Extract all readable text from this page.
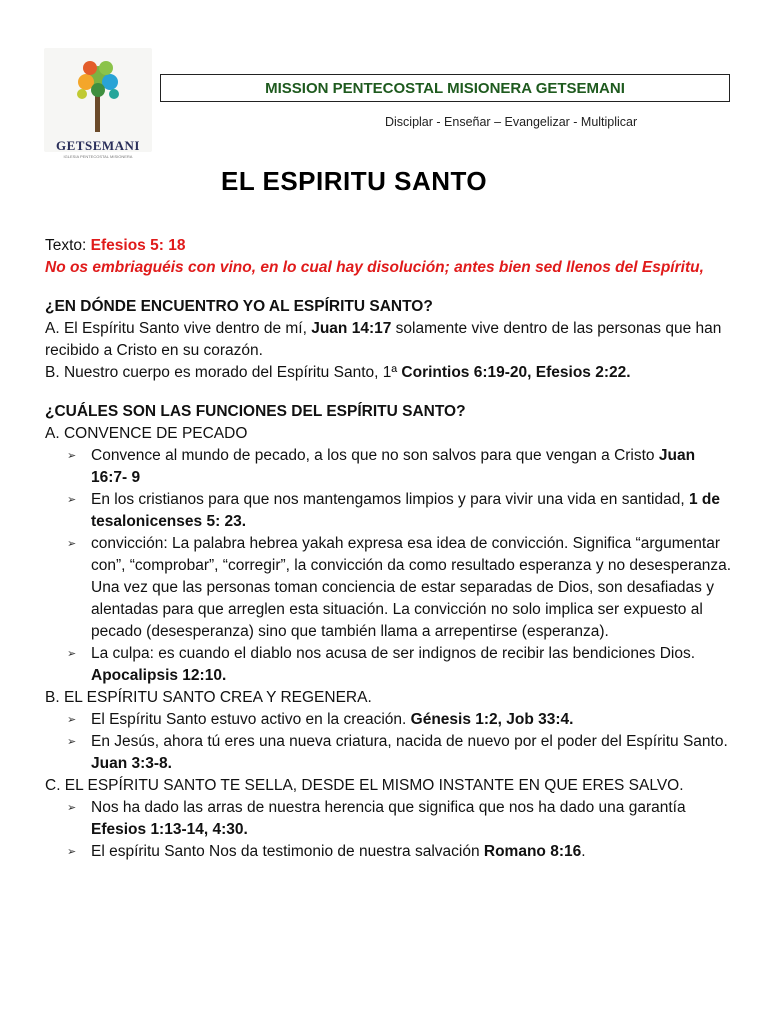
GETSEMANI
IGLESIA PENTECOSTAL MISIONERA
MISSION PENTECOSTAL MISIONERA GETSEMANI
Disciplar - Enseñar – Evangelizar - Multiplicar
EL ESPIRITU SANTO

Texto: Efesios 5: 18

No os embriaguéis con vino, en lo cual hay disolución; antes bien sed llenos del Espíritu,

¿EN DÓNDE ENCUENTRO YO AL ESPÍRITU SANTO?

A. El Espíritu Santo vive dentro de mí, Juan 14:17 solamente vive dentro de las personas que han recibido a Cristo en su corazón.

B. Nuestro cuerpo es morado del Espíritu Santo, 1ª Corintios 6:19-20, Efesios 2:22.

¿CUÁLES SON LAS FUNCIONES DEL ESPÍRITU SANTO?

A. CONVENCE DE PECADO

➢ Convence al mundo de pecado, a los que no son salvos para que vengan a Cristo Juan 16:7- 9

➢ En los cristianos para que nos mantengamos limpios y para vivir una vida en santidad, 1 de tesalonicenses 5: 23.

➢ convicción: La palabra hebrea yakah expresa esa idea de convicción. Significa “argumentar con”, “comprobar”, “corregir”, la convicción da como resultado esperanza y no desesperanza. Una vez que las personas toman conciencia de estar separadas de Dios, son desafiadas y alentadas para que arreglen esta situación. La convicción no solo implica ser expuesto al pecado (desesperanza) sino que también llama a arrepentirse (esperanza).

➢ La culpa: es cuando el diablo nos acusa de ser indignos de recibir las bendiciones Dios. Apocalipsis 12:10.

B. EL ESPÍRITU SANTO CREA Y REGENERA.

➢ El Espíritu Santo estuvo activo en la creación. Génesis 1:2, Job 33:4.

➢ En Jesús, ahora tú eres una nueva criatura, nacida de nuevo por el poder del Espíritu Santo. Juan 3:3-8.

C. EL ESPÍRITU SANTO TE SELLA, DESDE EL MISMO INSTANTE EN QUE ERES SALVO.

➢ Nos ha dado las arras de nuestra herencia que significa que nos ha dado una garantía Efesios 1:13-14, 4:30.

➢ El espíritu Santo Nos da testimonio de nuestra salvación Romano 8:16.
